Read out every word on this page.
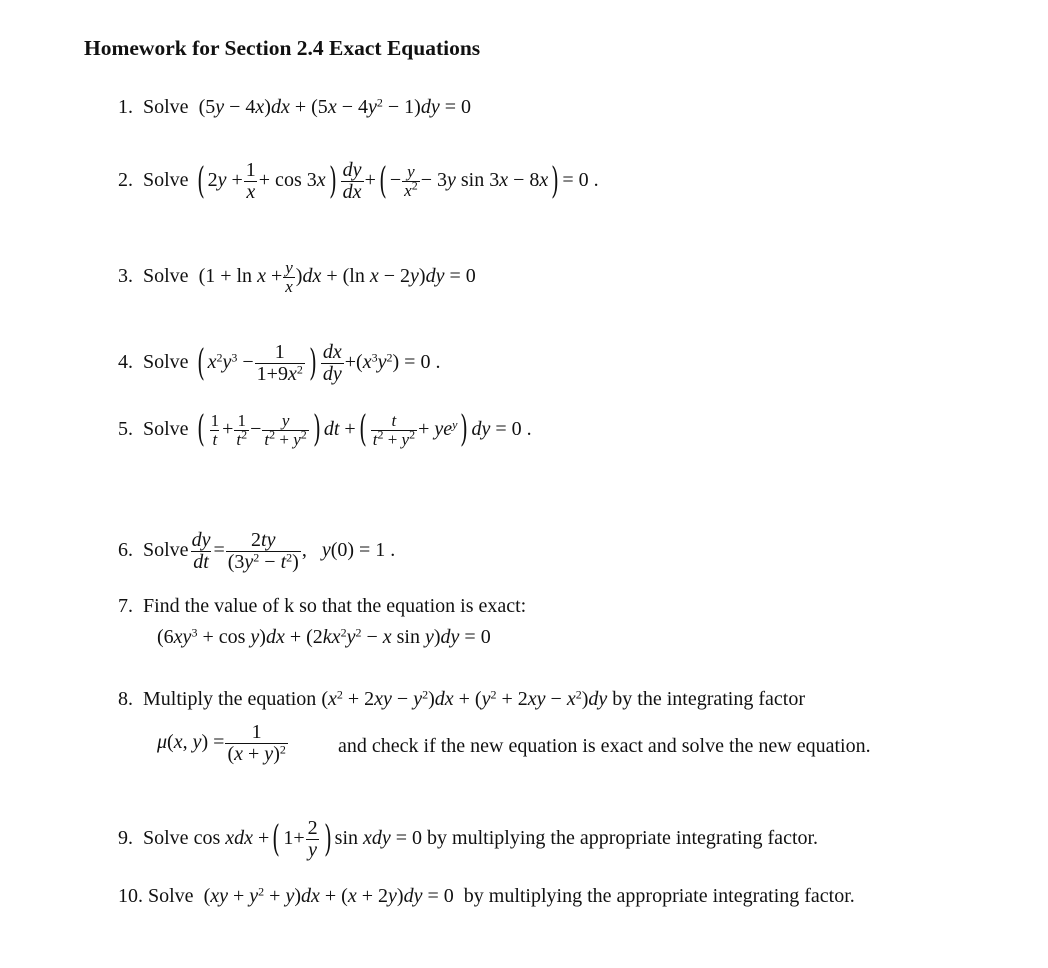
Homework for Section 2.4 Exact Equations
1. Solve $(5y - 4x)dx + (5x - 4y^2 - 1)dy = 0$
2. Solve ( $2y + \frac{1}{x} + \cos 3x) \frac{dy}{dx}$ +( − $\frac{y}{x^2} - 3y$ sin 3x − 8x) = 0 .
3. Solve $(1 + \ln x + \frac{y}{x} )dx + (\ln$ x − 2y)dy = 0
4. Solve ( $x^2y^3 - \frac{1}{1+9x^2}$ ) $\frac{dx}{dy} +(x^3y^2) = 0$ .
5. Solve ( $\frac{1}{t} + \frac{1}{t^2} - \frac{y}{t^2 + y^2}$ ) dt +( $\frac{t}{t^2 + y^2} + ye^y$) dy = 0 .
6. Solve $\frac{dy}{dt} = \frac{2ty}{(3y^2 - t^2)}$ ,   y(0) = 1 .
7. Find the value of k so that the equation is exact:
$(6xy^3 + \cos y)dx + (2kx^2y^2 - x$ sin y)dy = 0
8. Multiply the equation $(x^2 + 2xy - y^2)dx + (y^2 + 2xy - x^2)dy$ by the integrating factor
μ(x, $y) = \frac{1}{(x + y)^2}$	and check if the new equation is exact and solve the new equation.
9. Solve cos xdx +( $1+ \frac{2}{y}$ ) sin xdy = 0 by multiplying the appropriate integrating factor.
10. Solve $(xy + y^2 + y)dx + (x + 2y)dy = 0$ by multiplying the appropriate integrating factor.
